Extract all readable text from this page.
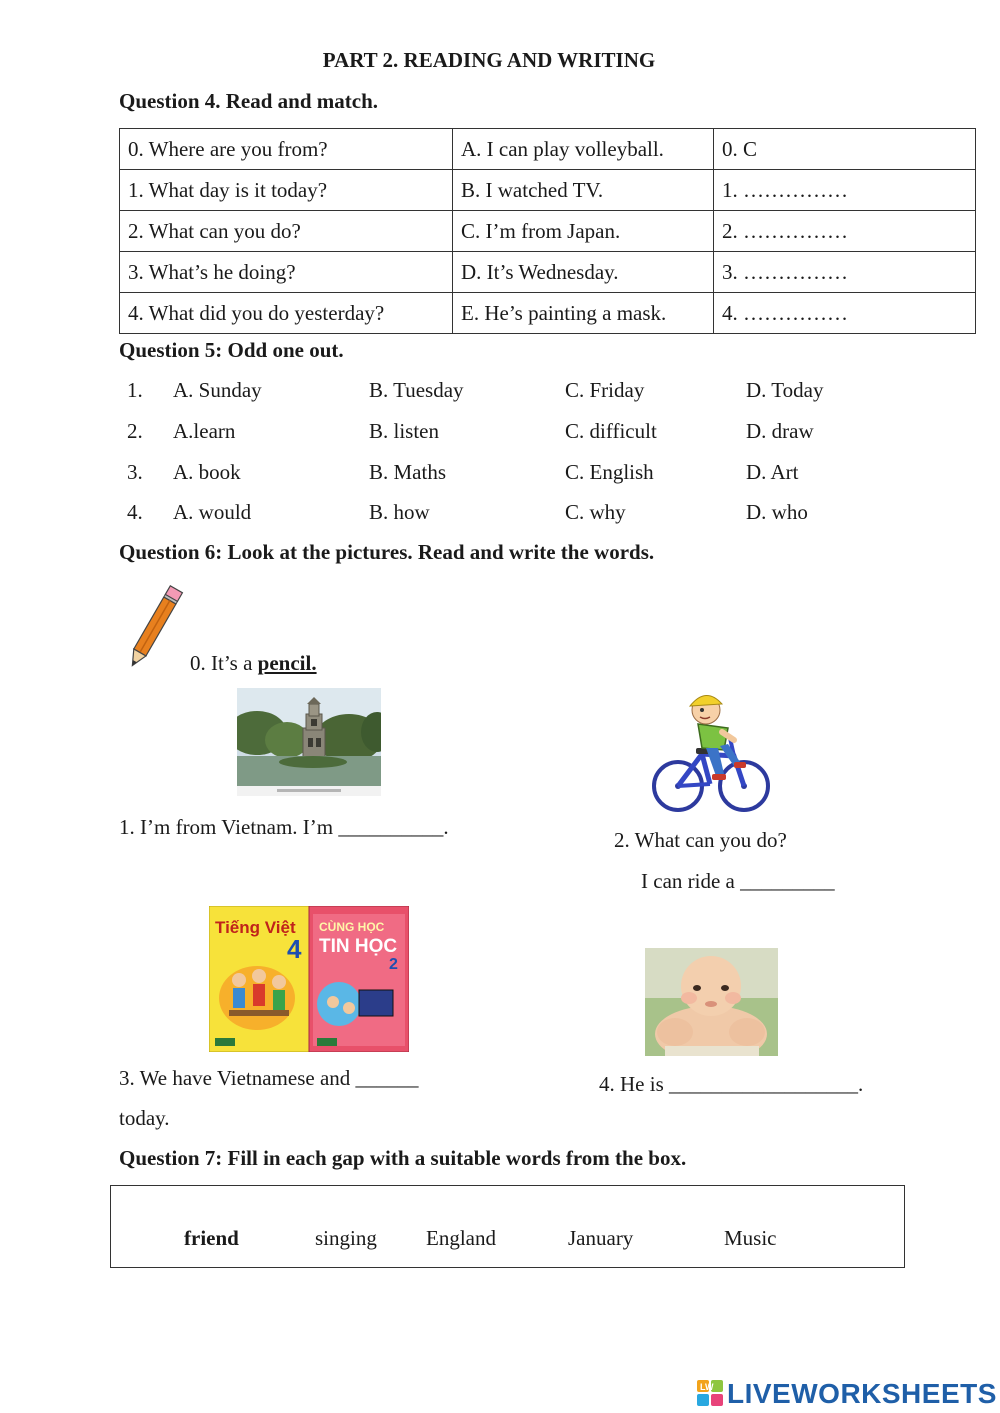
PART 2. READING AND WRITING
Question 4. Read and match.
0. Where are you from?	A. I can play volleyball.	0. C
1. What day is it today?	B. I watched TV.	1. ……………
2. What can you do?	C. I’m from Japan.	2. ……………
3. What’s he doing?	D. It’s Wednesday.	3. ……………
4. What did you do yesterday?	E. He’s painting a mask.	4. ……………
Question 5: Odd one out.
1. A. Sunday	B. Tuesday	C. Friday	D. Today
2. A.learn	B. listen	C. difficult	D. draw
3. A. book	B. Maths	C. English	D. Art
4. A. would	B. how	C. why	D. who
Question 6: Look at the pictures. Read and write the words.
0. It’s a pencil.
1. I’m from Vietnam. I’m __________.
2. What can you do?
I can ride a _________
Tiếng Việt
4
CÙNG HỌC
TIN HỌC
2
3. We have Vietnamese and ______
today.
4. He is __________________.
Question 7: Fill in each gap with a suitable words from the box.
friend	singing England	January	Music
LW LIVEWORKSHEETS
